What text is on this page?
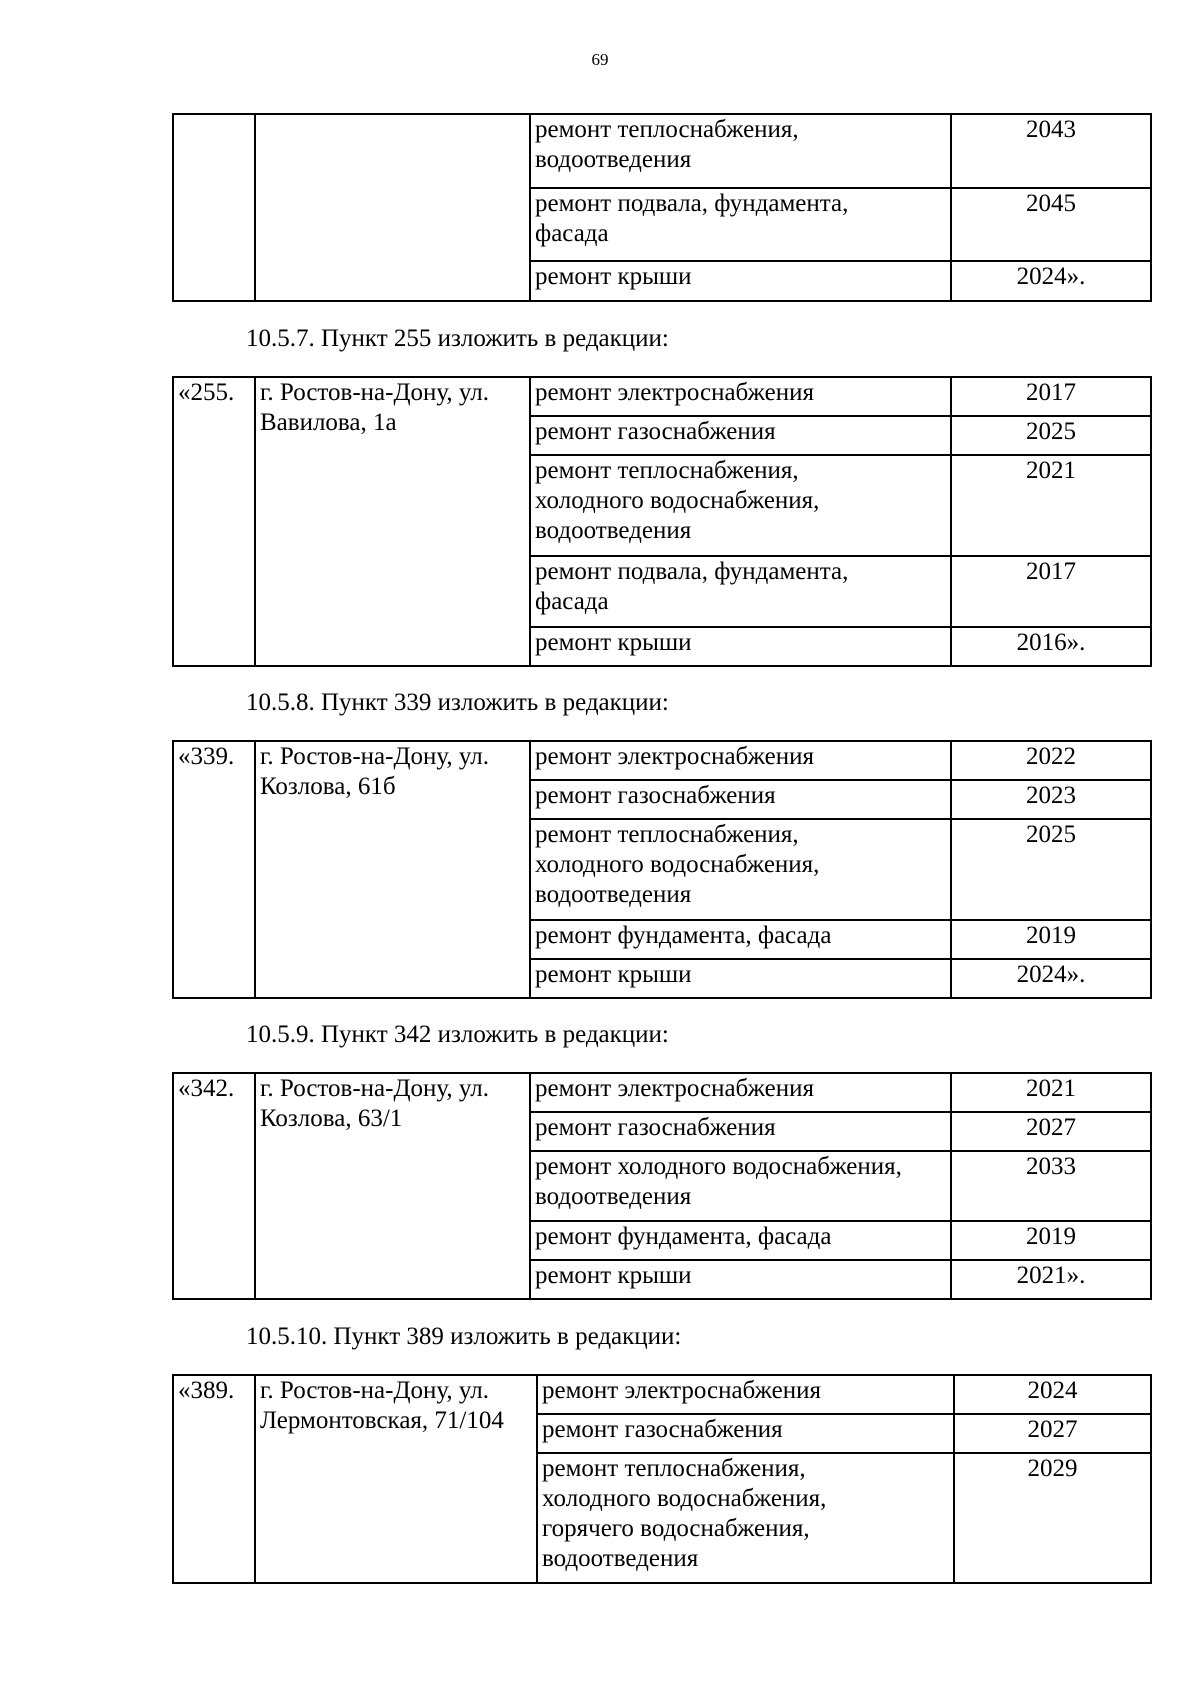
69

		ремонт теплоснабжения, водоотведения	2043

		ремонт подвала, фундамента, фасада	2045
		ремонт крыши	2024».
10.5.7. Пункт 255 изложить в редакции:
«255.	г. Ростов-на-Дону, ул. Вавилова, 1а	ремонт электроснабжения	2017
		ремонт газоснабжения	2025

		ремонт теплоснабжения, холодного водоснабжения, водоотведения	2021

		ремонт подвала, фундамента, фасада	2017
		ремонт крыши	2016».
10.5.8. Пункт 339 изложить в редакции:
«339.	г. Ростов-на-Дону, ул. Козлова, 61б	ремонт электроснабжения	2022
		ремонт газоснабжения	2023

		ремонт теплоснабжения, холодного водоснабжения, водоотведения	2025
		ремонт фундамента, фасада	2019
		ремонт крыши	2024».
10.5.9. Пункт 342 изложить в редакции:
«342.	г. Ростов-на-Дону, ул. Козлова, 63/1	ремонт электроснабжения	2021
		ремонт газоснабжения	2027

		ремонт холодного водоснабжения, водоотведения	2033
		ремонт фундамента, фасада	2019
		ремонт крыши	2021».
10.5.10. Пункт 389 изложить в редакции:
«389.	г. Ростов-на-Дону, ул. Лермонтовская, 71/104	ремонт электроснабжения	2024
		ремонт газоснабжения	2027

		ремонт теплоснабжения, холодного водоснабжения, горячего водоснабжения, водоотведения	2029
